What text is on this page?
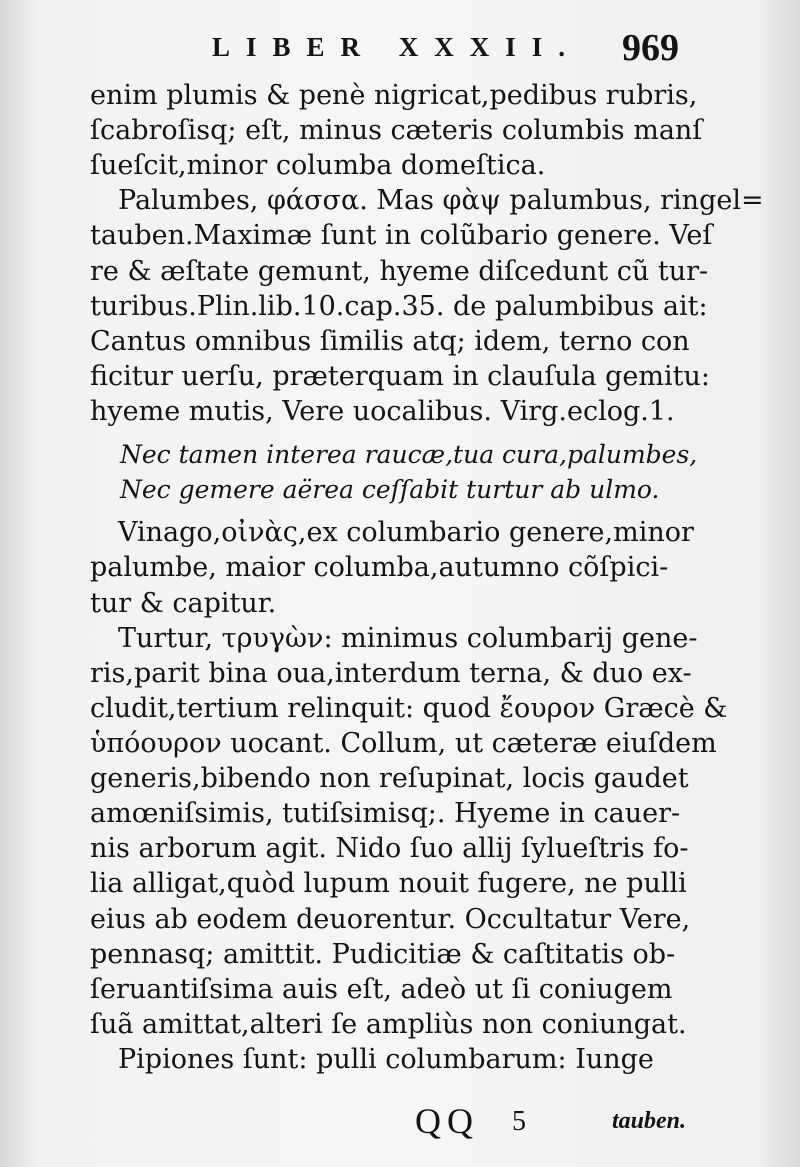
LIBER XXXII. 969
enim plumis & penè nigricat,pedibus rubris,
ſcabroſisq; eſt, minus cæteris columbis manſ
ſueſcit,minor columba domeſtica.
Palumbes, φάσσα. Mas φὰψ palumbus, ringel=
tauben.Maximæ ſunt in colũbario genere. Veſ
re & æſtate gemunt, hyeme diſcedunt cũ tur-
turibus.Plin.lib.10.cap.35. de palumbibus ait:
Cantus omnibus ſimilis atq; idem, terno con
ficitur uerſu, præterquam in clauſula gemitu:
hyeme mutis, Vere uocalibus. Virg.eclog.1.
Nec tamen interea raucæ,tua cura,palumbes,
Nec gemere aërea ceſſabit turtur ab ulmo.
Vinago,οἰνὰς,ex columbario genere,minor
palumbe, maior columba,autumno cõſpici-
tur & capitur.
Turtur, τρυγὼν: minimus columbarij gene-
ris,parit bina oua,interdum terna, & duo ex-
cludit,tertium relinquit: quod ἔουρον Græcè &
ὑπόουρον uocant. Collum, ut cæteræ eiuſdem
generis,bibendo non reſupinat, locis gaudet
amœniſsimis, tutiſsimisq;. Hyeme in cauer-
nis arborum agit. Nido ſuo allij ſylueſtris fo-
lia alligat,quòd lupum nouit fugere, ne pulli
eius ab eodem deuorentur. Occultatur Vere,
pennasq; amittit. Pudicitiæ & caſtitatis ob-
ſeruantiſsima auis eſt, adeò ut ſi coniugem
ſuã amittat,alteri ſe ampliùs non coniungat.
Pipiones ſunt: pulli columbarum: Iunge
QQ 5	tauben.
